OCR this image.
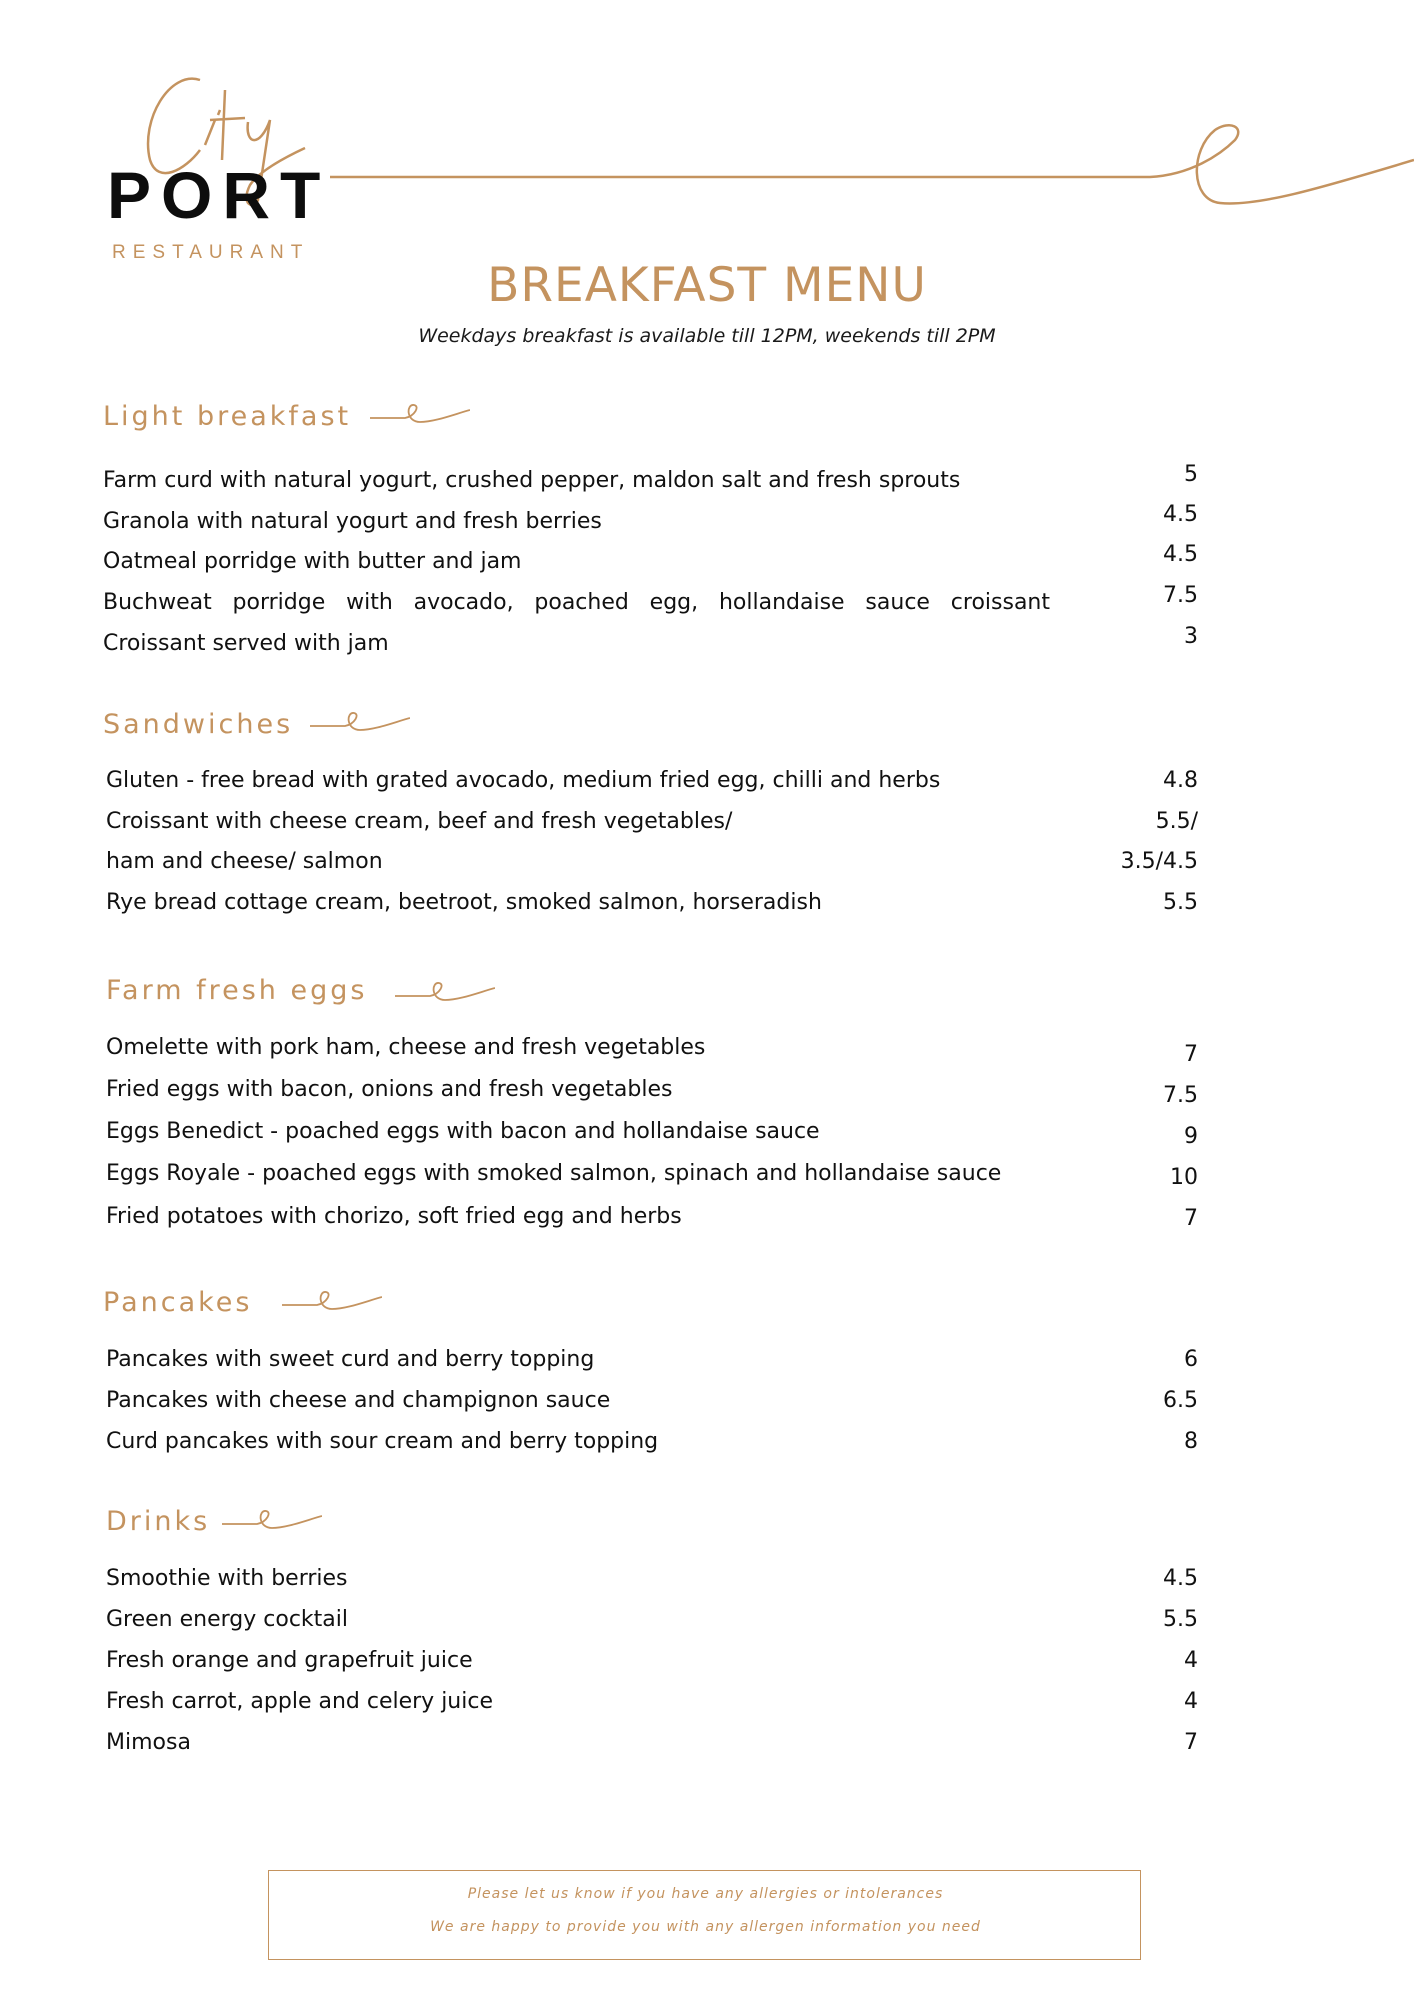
PORT
RESTAURANT
BREAKFAST MENU
Weekdays breakfast is available till 12PM, weekends till 2PM
Light breakfast
Farm curd with natural yogurt, crushed pepper, maldon salt and fresh sprouts	5
Granola with natural yogurt and fresh berries	4.5
Oatmeal porridge with butter and jam	4.5
Buchweat porridge with avocado, poached egg, hollandaise sauce croissant	7.5
Croissant served with jam	3
Sandwiches
Gluten - free bread with grated avocado, medium fried egg, chilli and herbs	4.8
Croissant with cheese cream, beef and fresh vegetables/	5.5/
ham and cheese/ salmon	3.5/4.5
Rye bread cottage cream, beetroot, smoked salmon, horseradish	5.5
Farm fresh eggs
Omelette with pork ham, cheese and fresh vegetables	7
Fried eggs with bacon, onions and fresh vegetables	7.5
Eggs Benedict - poached eggs with bacon and hollandaise sauce	9
Eggs Royale - poached eggs with smoked salmon, spinach and hollandaise sauce	10
Fried potatoes with chorizo, soft fried egg and herbs	7
Pancakes
Pancakes with sweet curd and berry topping	6
Pancakes with cheese and champignon sauce	6.5
Curd pancakes with sour cream and berry topping	8
Drinks
Smoothie with berries	4.5
Green energy cocktail	5.5
Fresh orange and grapefruit juice	4
Fresh carrot, apple and celery juice	4
Mimosa	7
Please let us know if you have any allergies or intolerances
We are happy to provide you with any allergen information you need
